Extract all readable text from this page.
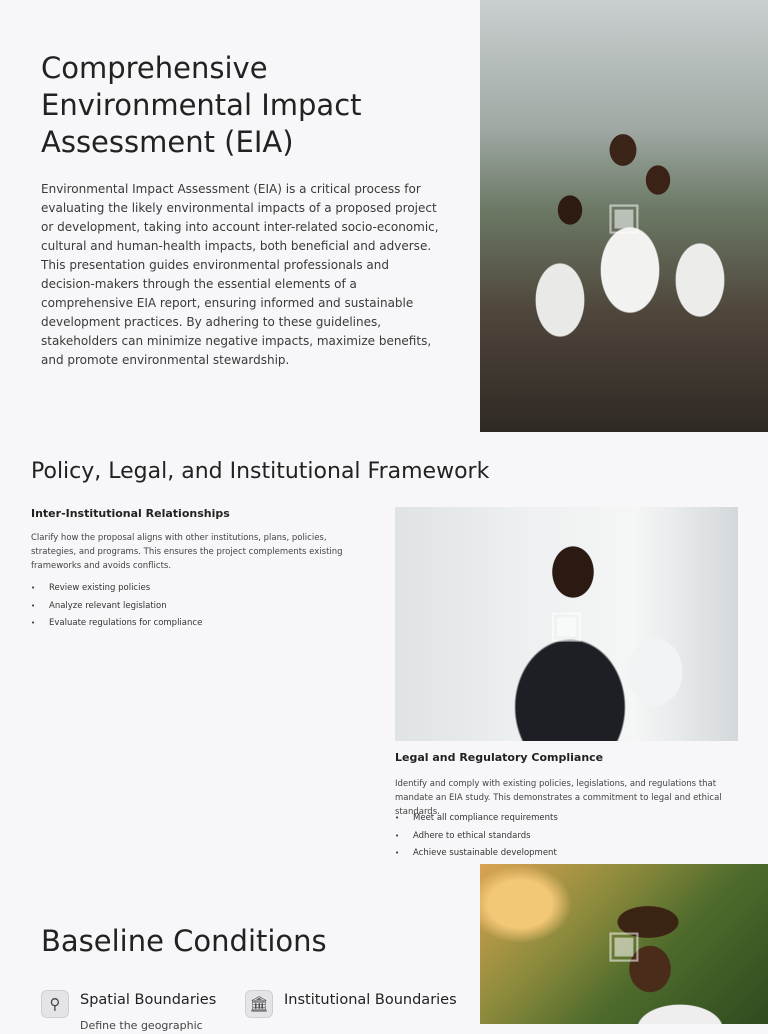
Comprehensive Environmental Impact Assessment (EIA)

Environmental Impact Assessment (EIA) is a critical process for evaluating the likely environmental impacts of a proposed project or development, taking into account inter-related socio-economic, cultural and human-health impacts, both beneficial and adverse. This presentation guides environmental professionals and decision-makers through the essential elements of a comprehensive EIA report, ensuring informed and sustainable development practices. By adhering to these guidelines, stakeholders can minimize negative impacts, maximize benefits, and promote environmental stewardship.

▣
Policy, Legal, and Institutional Framework
Inter-Institutional Relationships

Clarify how the proposal aligns with other institutions, plans, policies, strategies, and programs. This ensures the project complements existing frameworks and avoids conflicts.

• Review existing policies
• Analyze relevant legislation
• Evaluate regulations for compliance	▣
Legal and Regulatory Compliance

Identify and comply with existing policies, legislations, and regulations that mandate an EIA study. This demonstrates a commitment to legal and ethical standards.

• Meet all compliance requirements
• Adhere to ethical standards
• Achieve sustainable development
Baseline Conditions
⚲	Spatial Boundaries
Define the geographic
🏛	Institutional Boundaries
▣
